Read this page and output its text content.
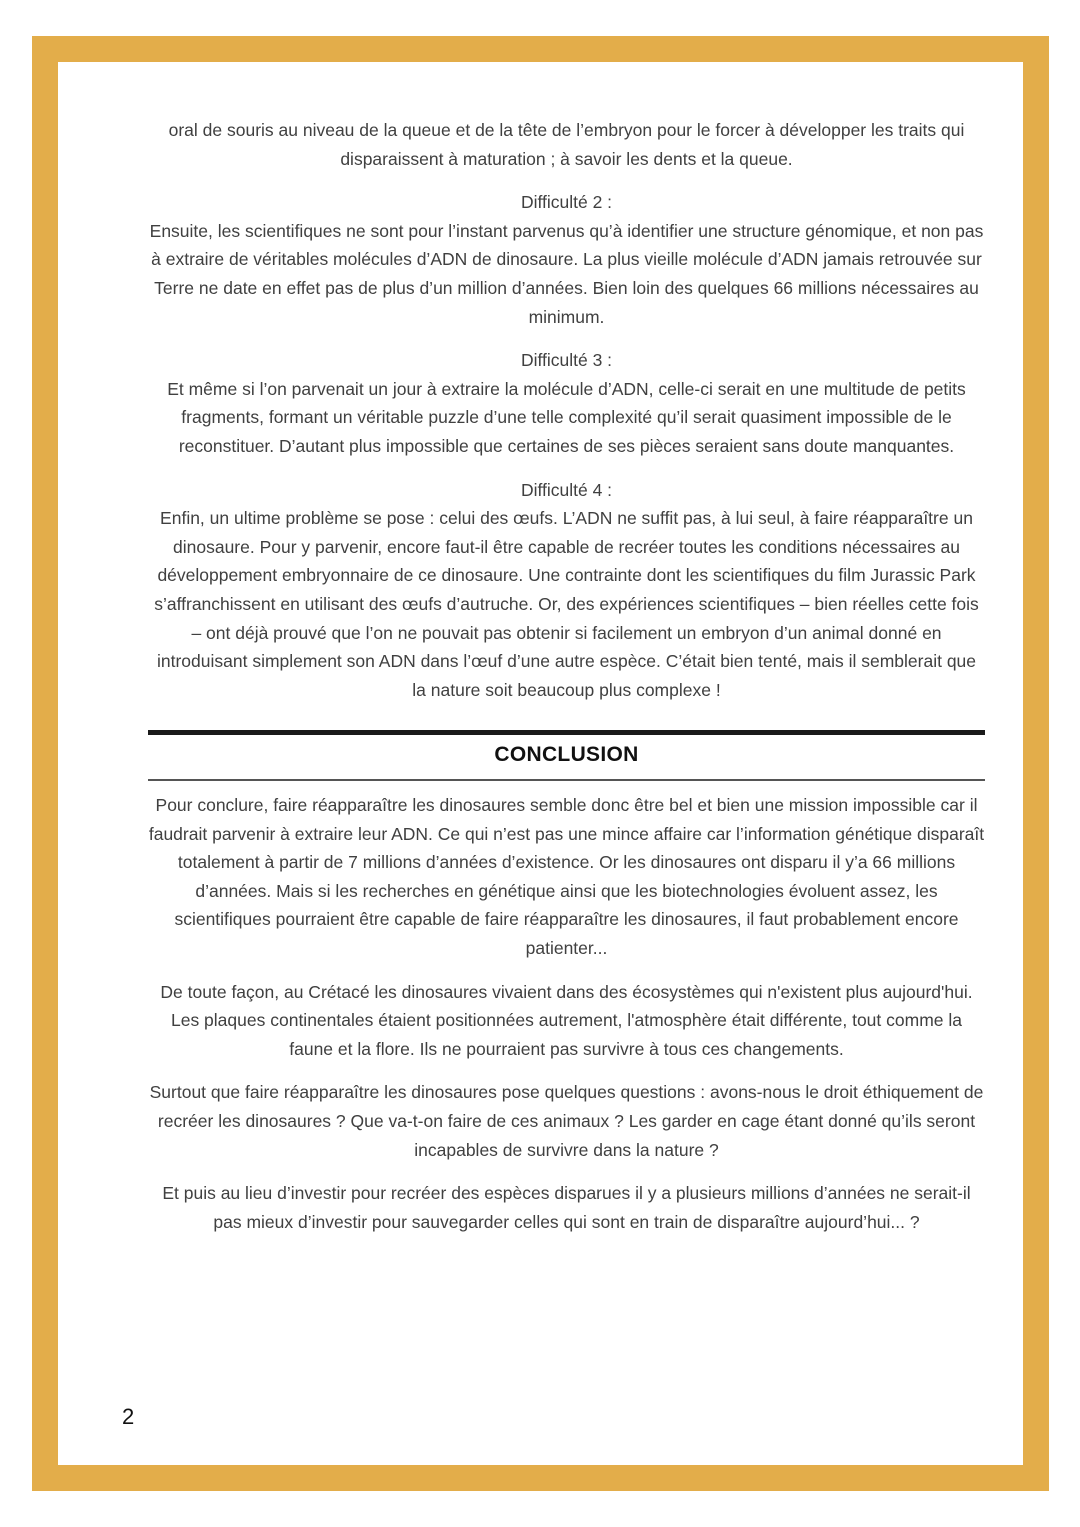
oral de souris au niveau de la queue et de la tête de l’embryon pour le forcer à développer les traits qui disparaissent à maturation ; à savoir les dents et la queue.

Difficulté 2 :

Ensuite, les scientifiques ne sont pour l’instant parvenus qu’à identifier une structure génomique, et non pas à extraire de véritables molécules d’ADN de dinosaure. La plus vieille molécule d’ADN jamais retrouvée sur Terre ne date en effet pas de plus d’un million d’années. Bien loin des quelques 66 millions nécessaires au minimum.

Difficulté 3 :

Et même si l’on parvenait un jour à extraire la molécule d’ADN, celle-ci serait en une multitude de petits fragments, formant un véritable puzzle d’une telle complexité qu’il serait quasiment impossible de le reconstituer. D’autant plus impossible que certaines de ses pièces seraient sans doute manquantes.

Difficulté 4 :

Enfin, un ultime problème se pose : celui des œufs. L’ADN ne suffit pas, à lui seul, à faire réapparaître un dinosaure. Pour y parvenir, encore faut-il être capable de recréer toutes les conditions nécessaires au développement embryonnaire de ce dinosaure. Une contrainte dont les scientifiques du film Jurassic Park s’affranchissent en utilisant des œufs d’autruche. Or, des expériences scientifiques – bien réelles cette fois – ont déjà prouvé que l’on ne pouvait pas obtenir si facilement un embryon d’un animal donné en introduisant simplement son ADN dans l’œuf d’une autre espèce. C’était bien tenté, mais il semblerait que la nature soit beaucoup plus complexe !

CONCLUSION

Pour conclure, faire réapparaître les dinosaures semble donc être bel et bien une mission impossible car il faudrait parvenir à extraire leur ADN. Ce qui n’est pas une mince affaire car l’information génétique disparaît totalement à partir de 7 millions d’années d’existence. Or les dinosaures ont disparu il y’a 66 millions d’années. Mais si les recherches en génétique ainsi que les biotechnologies évoluent assez, les scientifiques pourraient être capable de faire réapparaître les dinosaures, il faut probablement encore patienter...

De toute façon, au Crétacé les dinosaures vivaient dans des écosystèmes qui n'existent plus aujourd'hui. Les plaques continentales étaient positionnées autrement, l'atmosphère était différente, tout comme la faune et la flore. Ils ne pourraient pas survivre à tous ces changements.

Surtout que faire réapparaître les dinosaures pose quelques questions : avons-nous le droit éthiquement de recréer les dinosaures ? Que va-t-on faire de ces animaux ? Les garder en cage étant donné qu’ils seront incapables de survivre dans la nature ?

Et puis au lieu d’investir pour recréer des espèces disparues il y a plusieurs millions d’années ne serait-il pas mieux d’investir pour sauvegarder celles qui sont en train de disparaître aujourd’hui... ?

2
